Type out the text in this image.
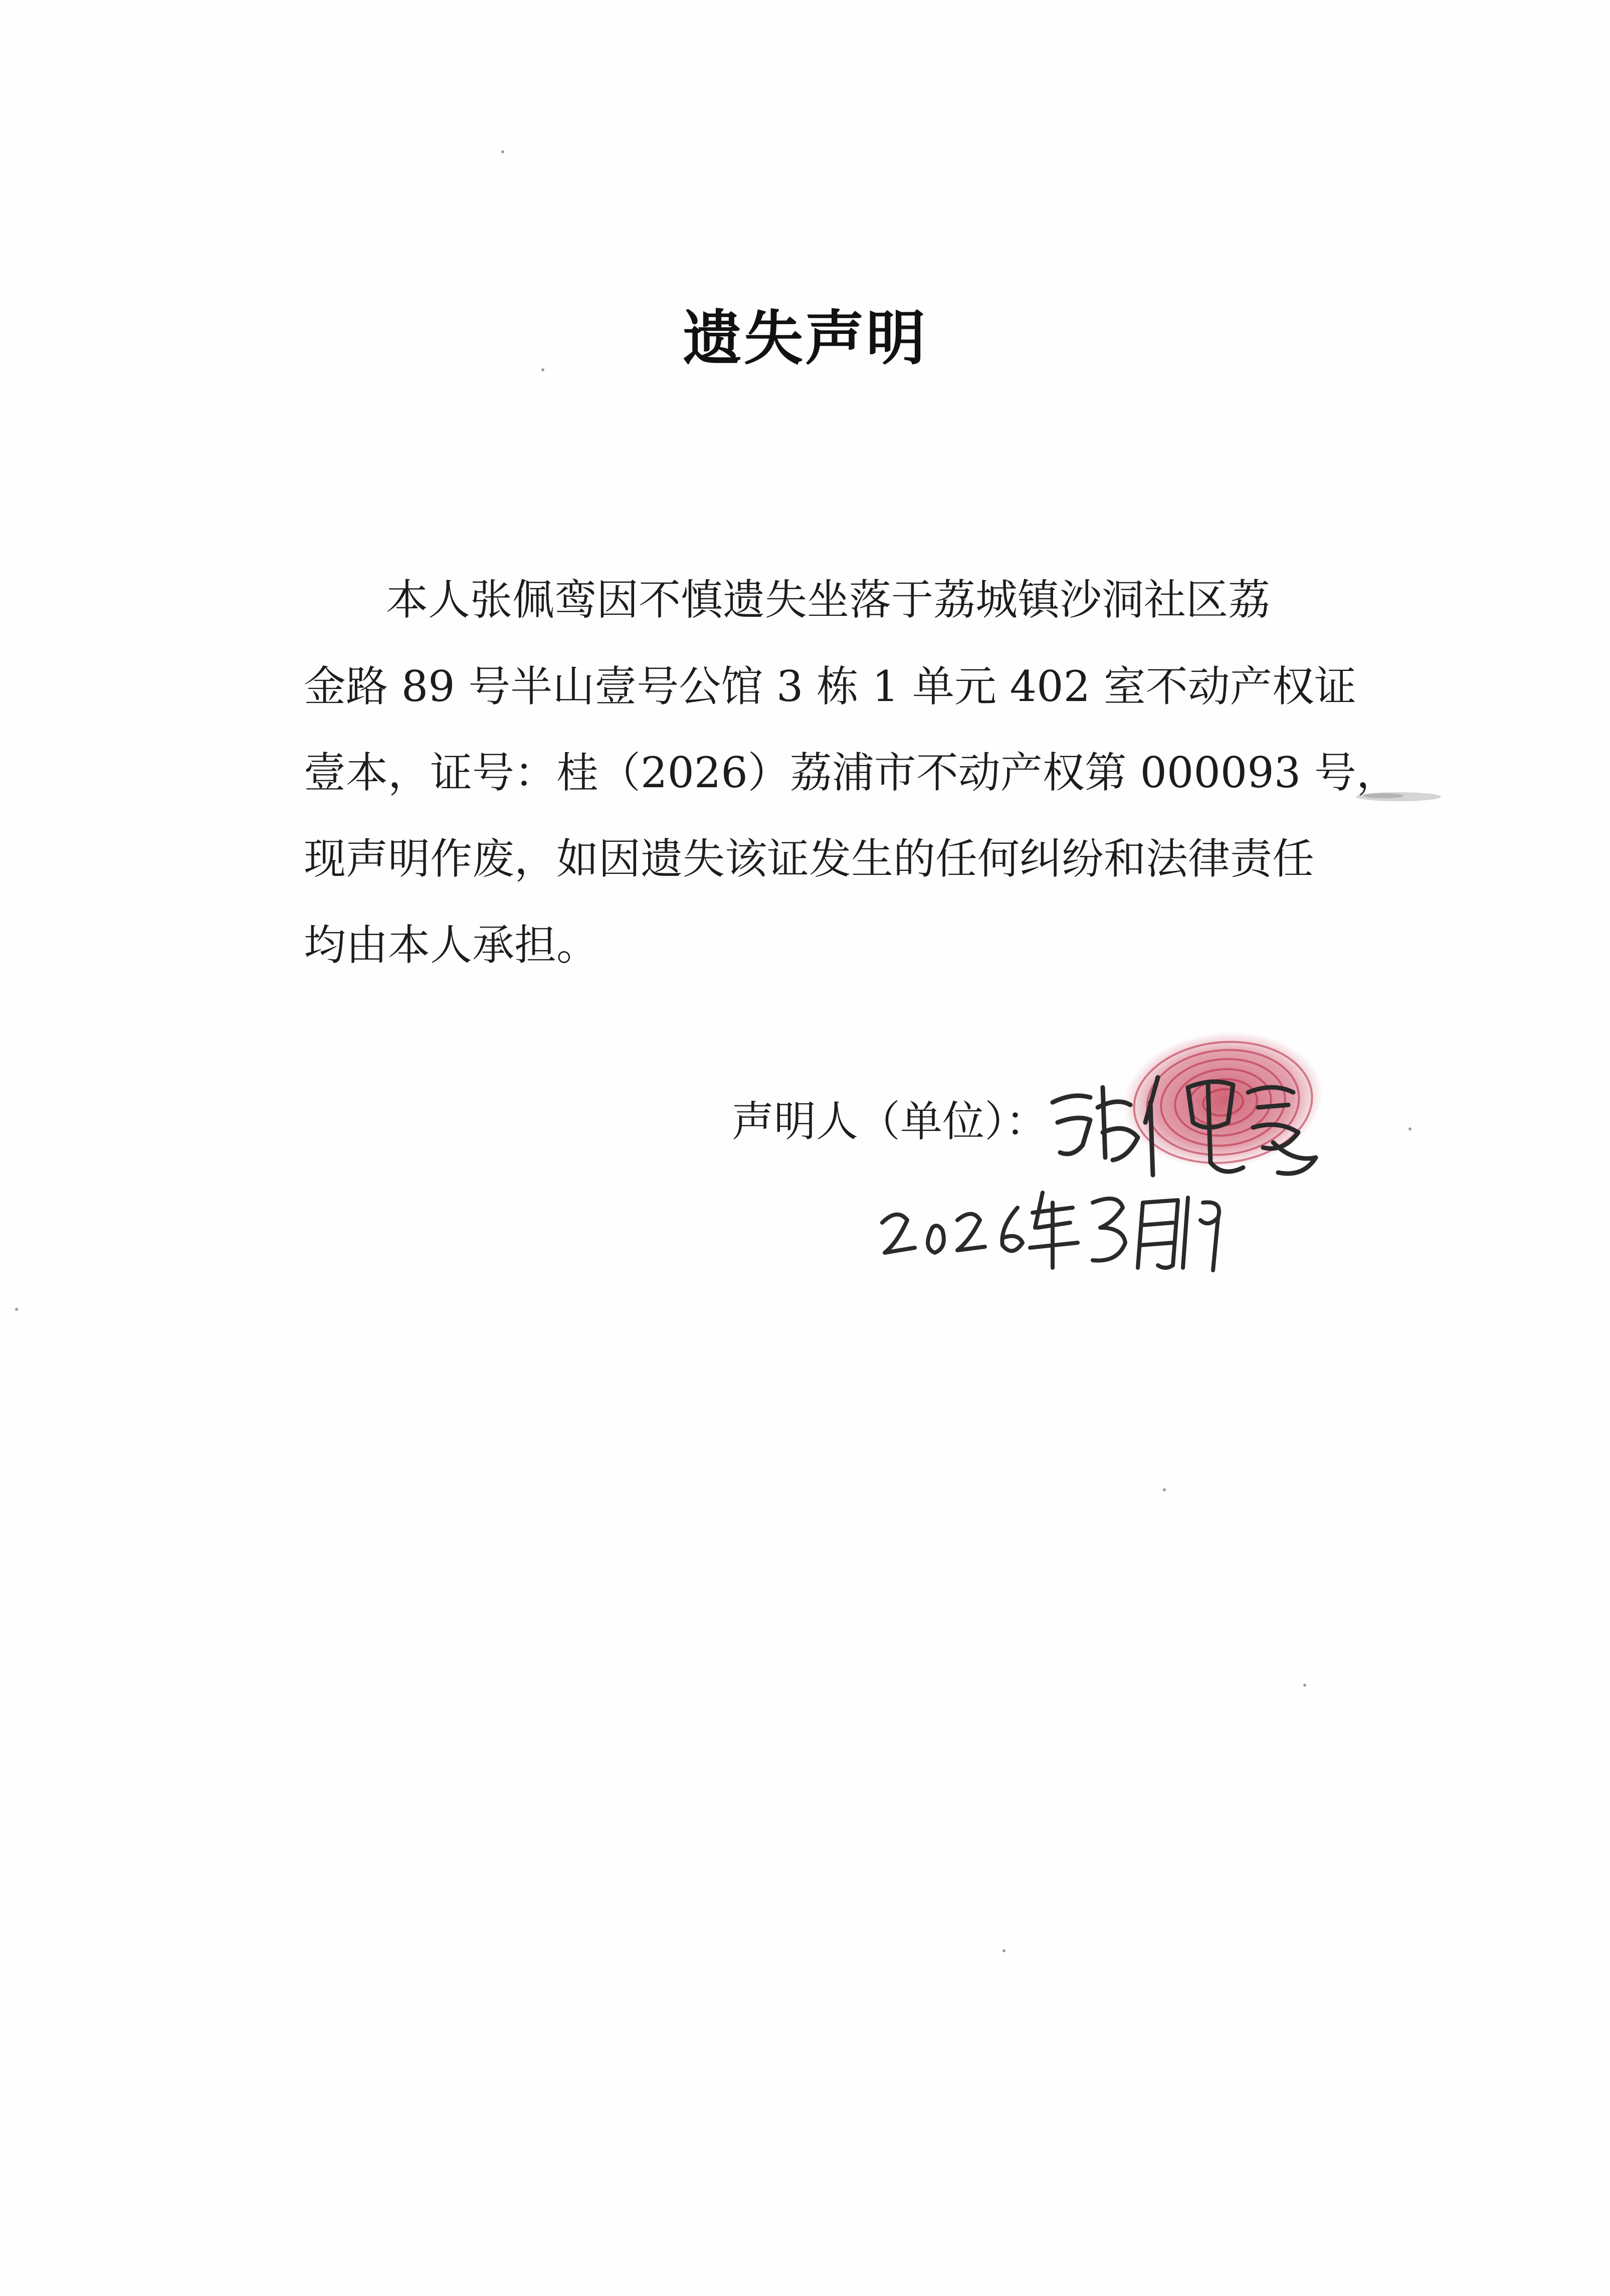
遗失声明
本人张佩鸾因不慎遗失坐落于荔城镇沙洞社区荔
金路 89 号半山壹号公馆 3 栋 1 单元 402 室不动产权证
壹本，证号：桂（2026）荔浦市不动产权第 000093 号，
现声明作废，如因遗失该证发生的任何纠纷和法律责任
均由本人承担。
声明人（单位）：
